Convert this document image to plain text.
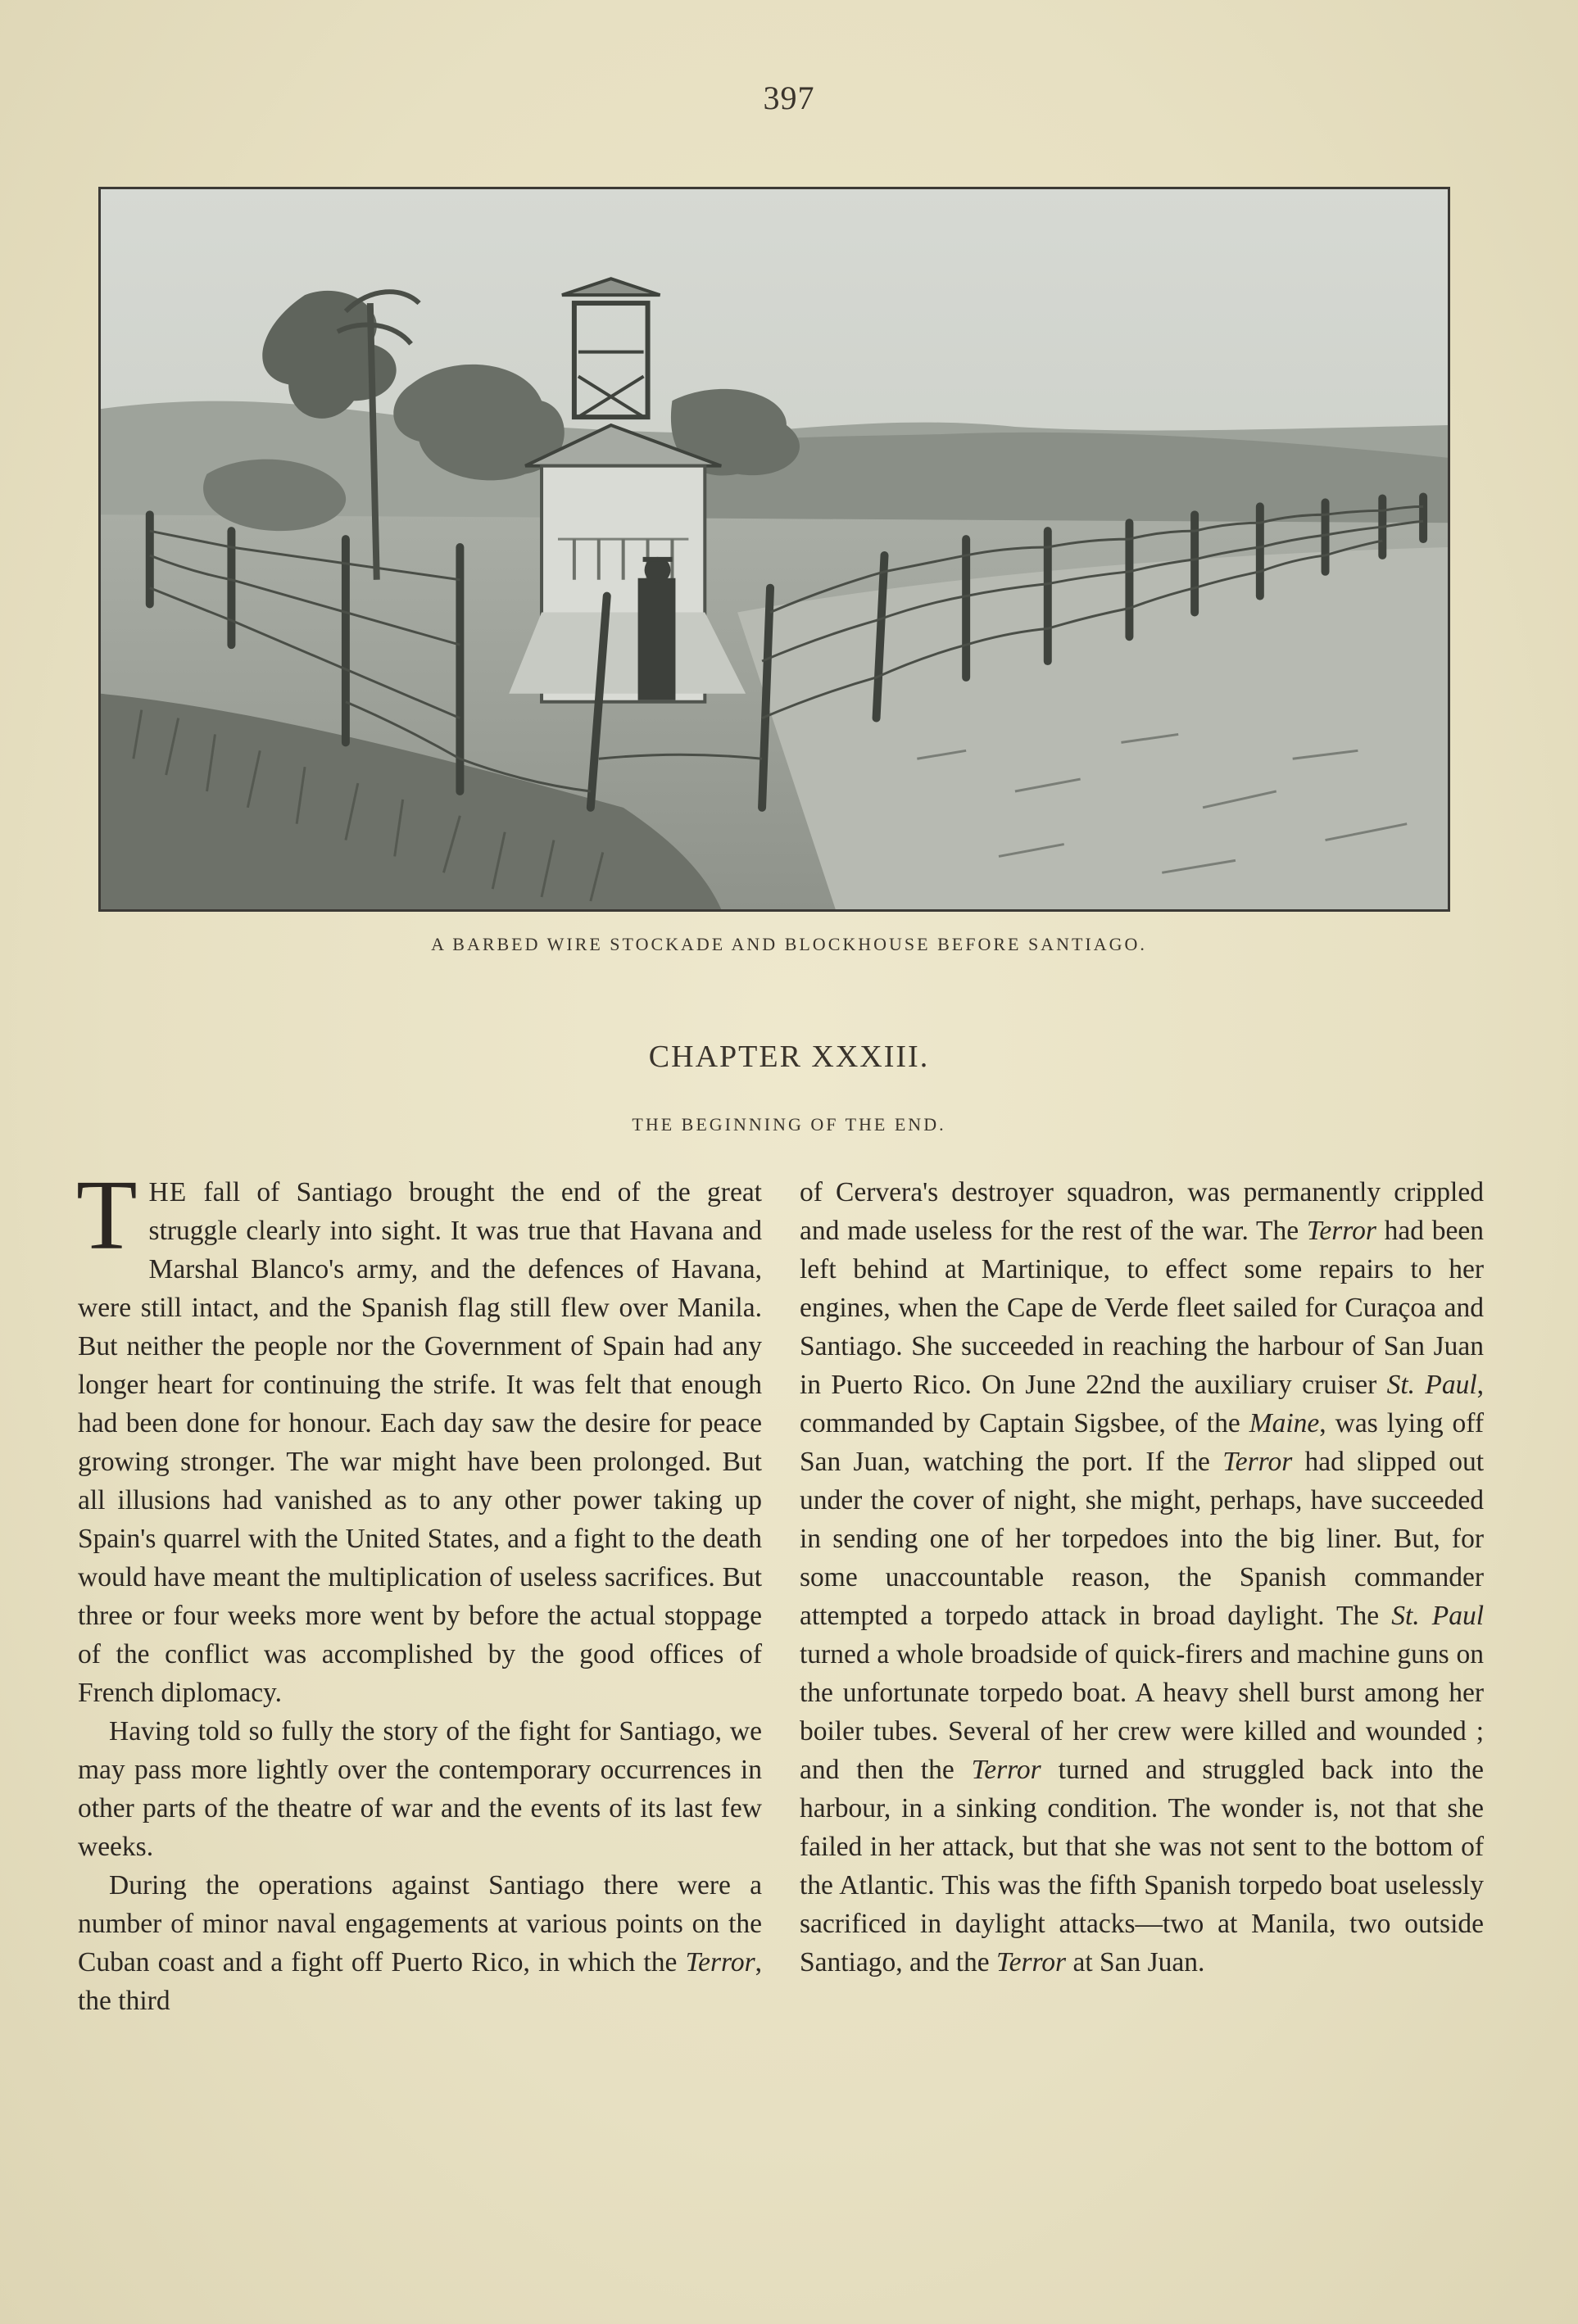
397
A BARBED WIRE STOCKADE AND BLOCKHOUSE BEFORE SANTIAGO.
CHAPTER XXXIII.
THE BEGINNING OF THE END.

THE fall of Santiago brought the end of the great struggle clearly into sight. It was true that Havana and Marshal Blanco's army, and the defences of Havana, were still intact, and the Spanish flag still flew over Manila. But neither the people nor the Government of Spain had any longer heart for continuing the strife. It was felt that enough had been done for honour. Each day saw the desire for peace growing stronger. The war might have been prolonged. But all illusions had vanished as to any other power taking up Spain's quarrel with the United States, and a fight to the death would have meant the multiplication of useless sacrifices. But three or four weeks more went by before the actual stoppage of the conflict was accomplished by the good offices of French diplomacy.

Having told so fully the story of the fight for Santiago, we may pass more lightly over the contemporary occurrences in other parts of the theatre of war and the events of its last few weeks.

During the operations against Santiago there were a number of minor naval engagements at various points on the Cuban coast and a fight off Puerto Rico, in which the Terror, the third

of Cervera's destroyer squadron, was permanently crippled and made useless for the rest of the war. The Terror had been left behind at Martinique, to effect some repairs to her engines, when the Cape de Verde fleet sailed for Curaçoa and Santiago. She succeeded in reaching the harbour of San Juan in Puerto Rico. On June 22nd the auxiliary cruiser St. Paul, commanded by Captain Sigsbee, of the Maine, was lying off San Juan, watching the port. If the Terror had slipped out under the cover of night, she might, perhaps, have succeeded in sending one of her torpedoes into the big liner. But, for some unaccountable reason, the Spanish commander attempted a torpedo attack in broad daylight. The St. Paul turned a whole broadside of quick-firers and machine guns on the unfortunate torpedo boat. A heavy shell burst among her boiler tubes. Several of her crew were killed and wounded ; and then the Terror turned and struggled back into the harbour, in a sinking condition. The wonder is, not that she failed in her attack, but that she was not sent to the bottom of the Atlantic. This was the fifth Spanish torpedo boat uselessly sacrificed in daylight attacks—two at Manila, two outside Santiago, and the Terror at San Juan.
